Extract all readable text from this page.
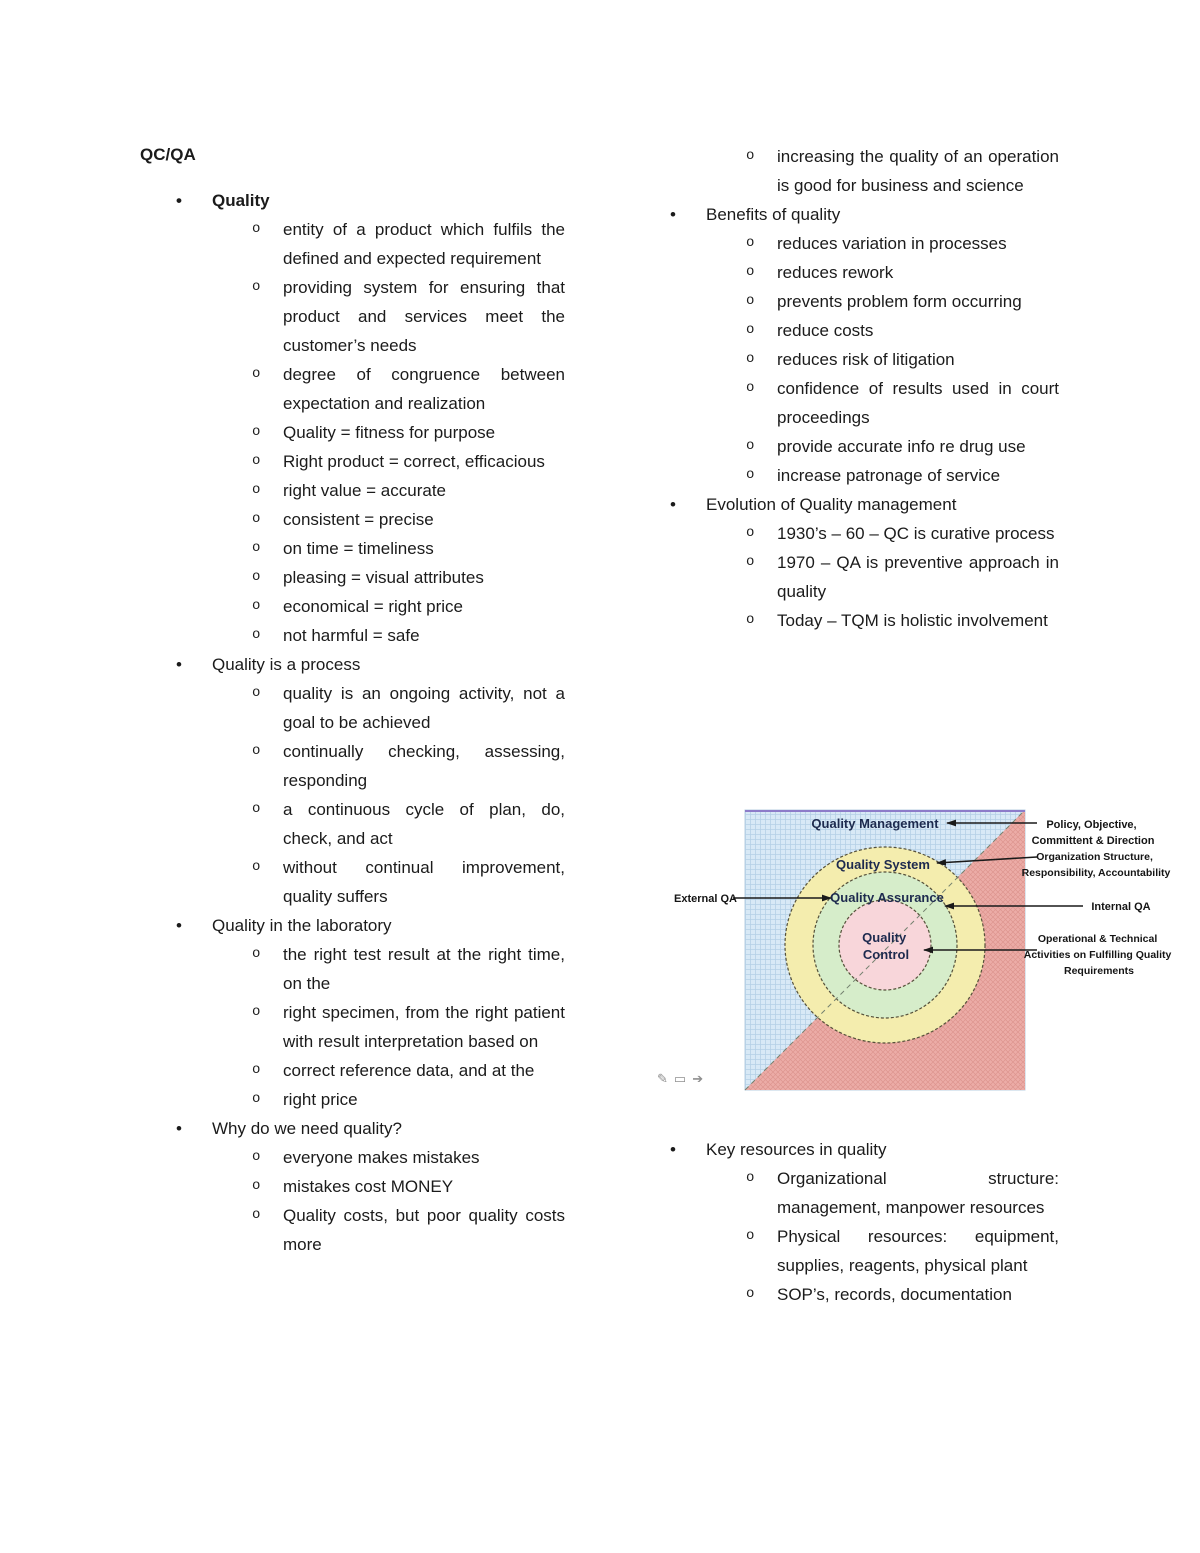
QC/QA
• Quality
o entity of a product which fulfils the defined and expected requirement
o providing system for ensuring that product and services meet the customer’s needs
o degree of congruence between expectation and realization
o Quality = fitness for purpose
o Right product = correct, efficacious
o right value = accurate
o consistent = precise
o on time = timeliness
o pleasing = visual attributes
o economical = right price
o not harmful = safe
• Quality is a process
o quality is an ongoing activity, not a goal to be achieved
o continually checking, assessing, responding
o a continuous cycle of plan, do, check, and act
o without continual improvement, quality suffers
• Quality in the laboratory
o the right test result at the right time, on the
o right specimen, from the right patient with result interpretation based on
o correct reference data, and at the
o right price
• Why do we need quality?
o everyone makes mistakes
o mistakes cost MONEY
o Quality costs, but poor quality costs more
o increasing the quality of an operation is good for business and science
• Benefits of quality
o reduces variation in processes
o reduces rework
o prevents problem form occurring
o reduce costs
o reduces risk of litigation
o confidence of results used in court proceedings
o provide accurate info re drug use
o increase patronage of service
• Evolution of Quality management
o 1930’s – 60 – QC is curative process
o 1970 – QA is preventive approach in quality
o Today – TQM is holistic involvement
Quality Management
Quality System
Quality Assurance
Quality Control
External QA
Internal QA
Policy, Objective, Committent & Direction
Organization Structure, Responsibility, Accountability
Operational & Technical Activities on Fulfilling Quality Requirements
✎▭➔
• Key resources in quality
o Organizational structure: management, manpower resources
o Physical resources: equipment, supplies, reagents, physical plant
o SOP’s, records, documentation
